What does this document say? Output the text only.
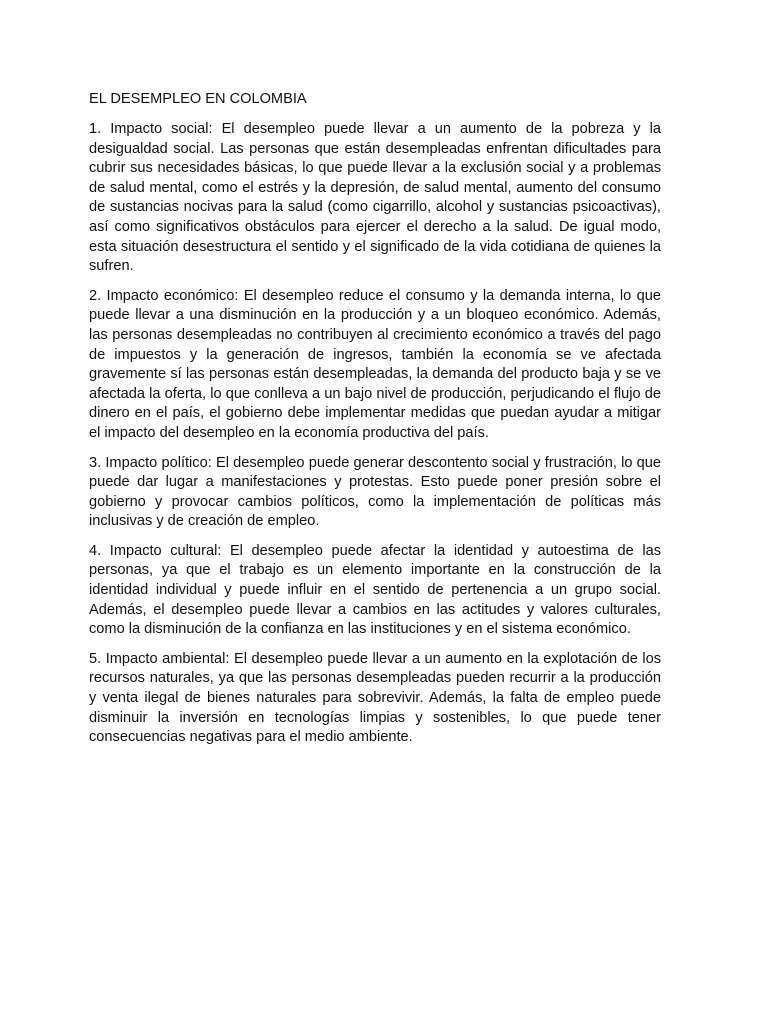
EL DESEMPLEO EN COLOMBIA

1. Impacto social: El desempleo puede llevar a un aumento de la pobreza y la desigualdad social. Las personas que están desempleadas enfrentan dificultades para cubrir sus necesidades básicas, lo que puede llevar a la exclusión social y a problemas de salud mental, como el estrés y la depresión, de salud mental, aumento del consumo de sustancias nocivas para la salud (como cigarrillo, alcohol y sustancias psicoactivas), así como significativos obstáculos para ejercer el derecho a la salud. De igual modo, esta situación desestructura el sentido y el significado de la vida cotidiana de quienes la sufren.

2. Impacto económico: El desempleo reduce el consumo y la demanda interna, lo que puede llevar a una disminución en la producción y a un bloqueo económico. Además, las personas desempleadas no contribuyen al crecimiento económico a través del pago de impuestos y la generación de ingresos, también la economía se ve afectada gravemente sí las personas están desempleadas, la demanda del producto baja y se ve afectada la oferta, lo que conlleva a un bajo nivel de producción, perjudicando el flujo de dinero en el país, el gobierno debe implementar medidas que puedan ayudar a mitigar el impacto del desempleo en la economía productiva del país.

3. Impacto político: El desempleo puede generar descontento social y frustración, lo que puede dar lugar a manifestaciones y protestas. Esto puede poner presión sobre el gobierno y provocar cambios políticos, como la implementación de políticas más inclusivas y de creación de empleo.

4. Impacto cultural: El desempleo puede afectar la identidad y autoestima de las personas, ya que el trabajo es un elemento importante en la construcción de la identidad individual y puede influir en el sentido de pertenencia a un grupo social. Además, el desempleo puede llevar a cambios en las actitudes y valores culturales, como la disminución de la confianza en las instituciones y en el sistema económico.

5. Impacto ambiental: El desempleo puede llevar a un aumento en la explotación de los recursos naturales, ya que las personas desempleadas pueden recurrir a la producción y venta ilegal de bienes naturales para sobrevivir. Además, la falta de empleo puede disminuir la inversión en tecnologías limpias y sostenibles, lo que puede tener consecuencias negativas para el medio ambiente.
